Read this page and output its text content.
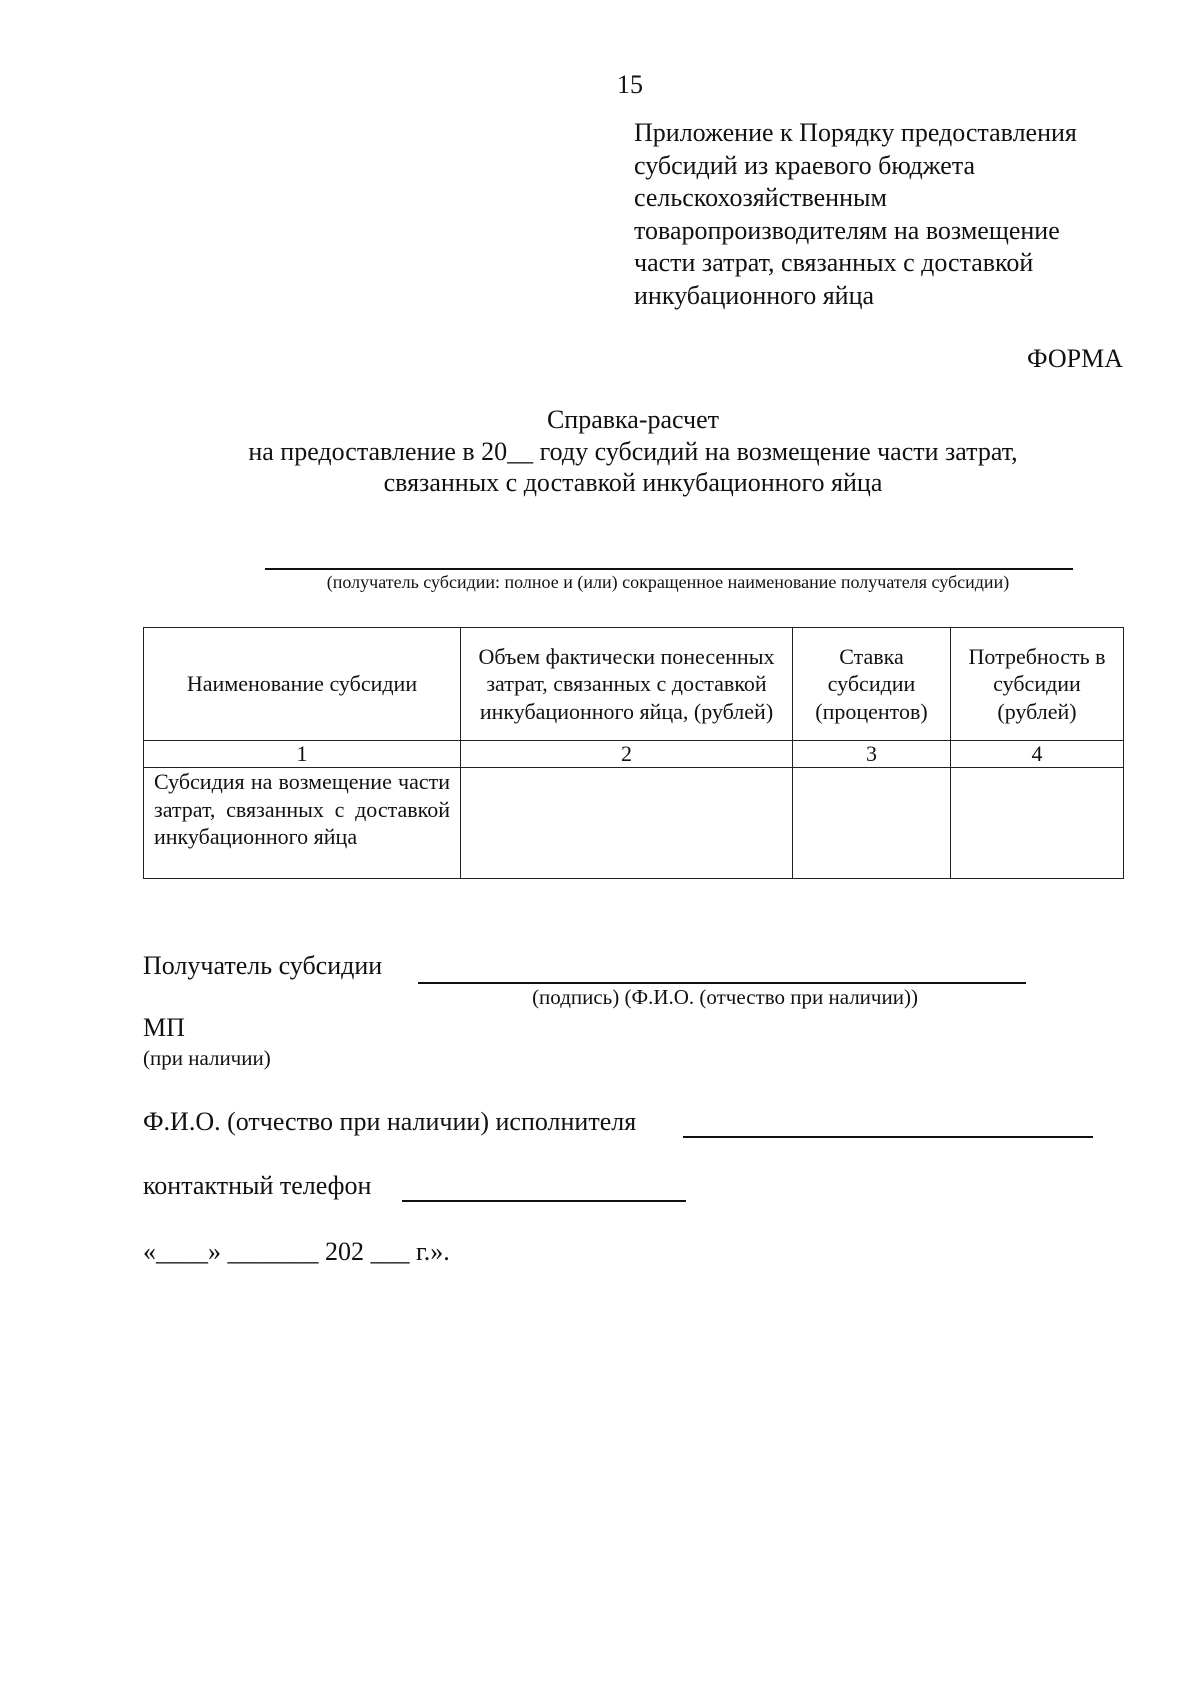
15
Приложение к Порядку предоставления
субсидий из краевого бюджета
сельскохозяйственным
товаропроизводителям на возмещение
части затрат, связанных с доставкой
инкубационного яйца
ФОРМА
Справка-расчет
на предоставление в 20__ году субсидий на возмещение части затрат,
связанных с доставкой инкубационного яйца
(получатель субсидии: полное и (или) сокращенное наименование получателя субсидии)
Наименование субсидии	Объем фактически понесенных затрат, связанных с доставкой инкубационного яйца, (рублей)	Ставка субсидии (процентов)	Потребность в субсидии (рублей)
1	2	3	4
Субсидия на возмещение части затрат, связанных с доставкой инкубационного яйца			
Получатель субсидии
(подпись) (Ф.И.О. (отчество при наличии))
МП
(при наличии)
Ф.И.О. (отчество при наличии) исполнителя
контактный телефон
«____» _______ 202 ___ г.».
